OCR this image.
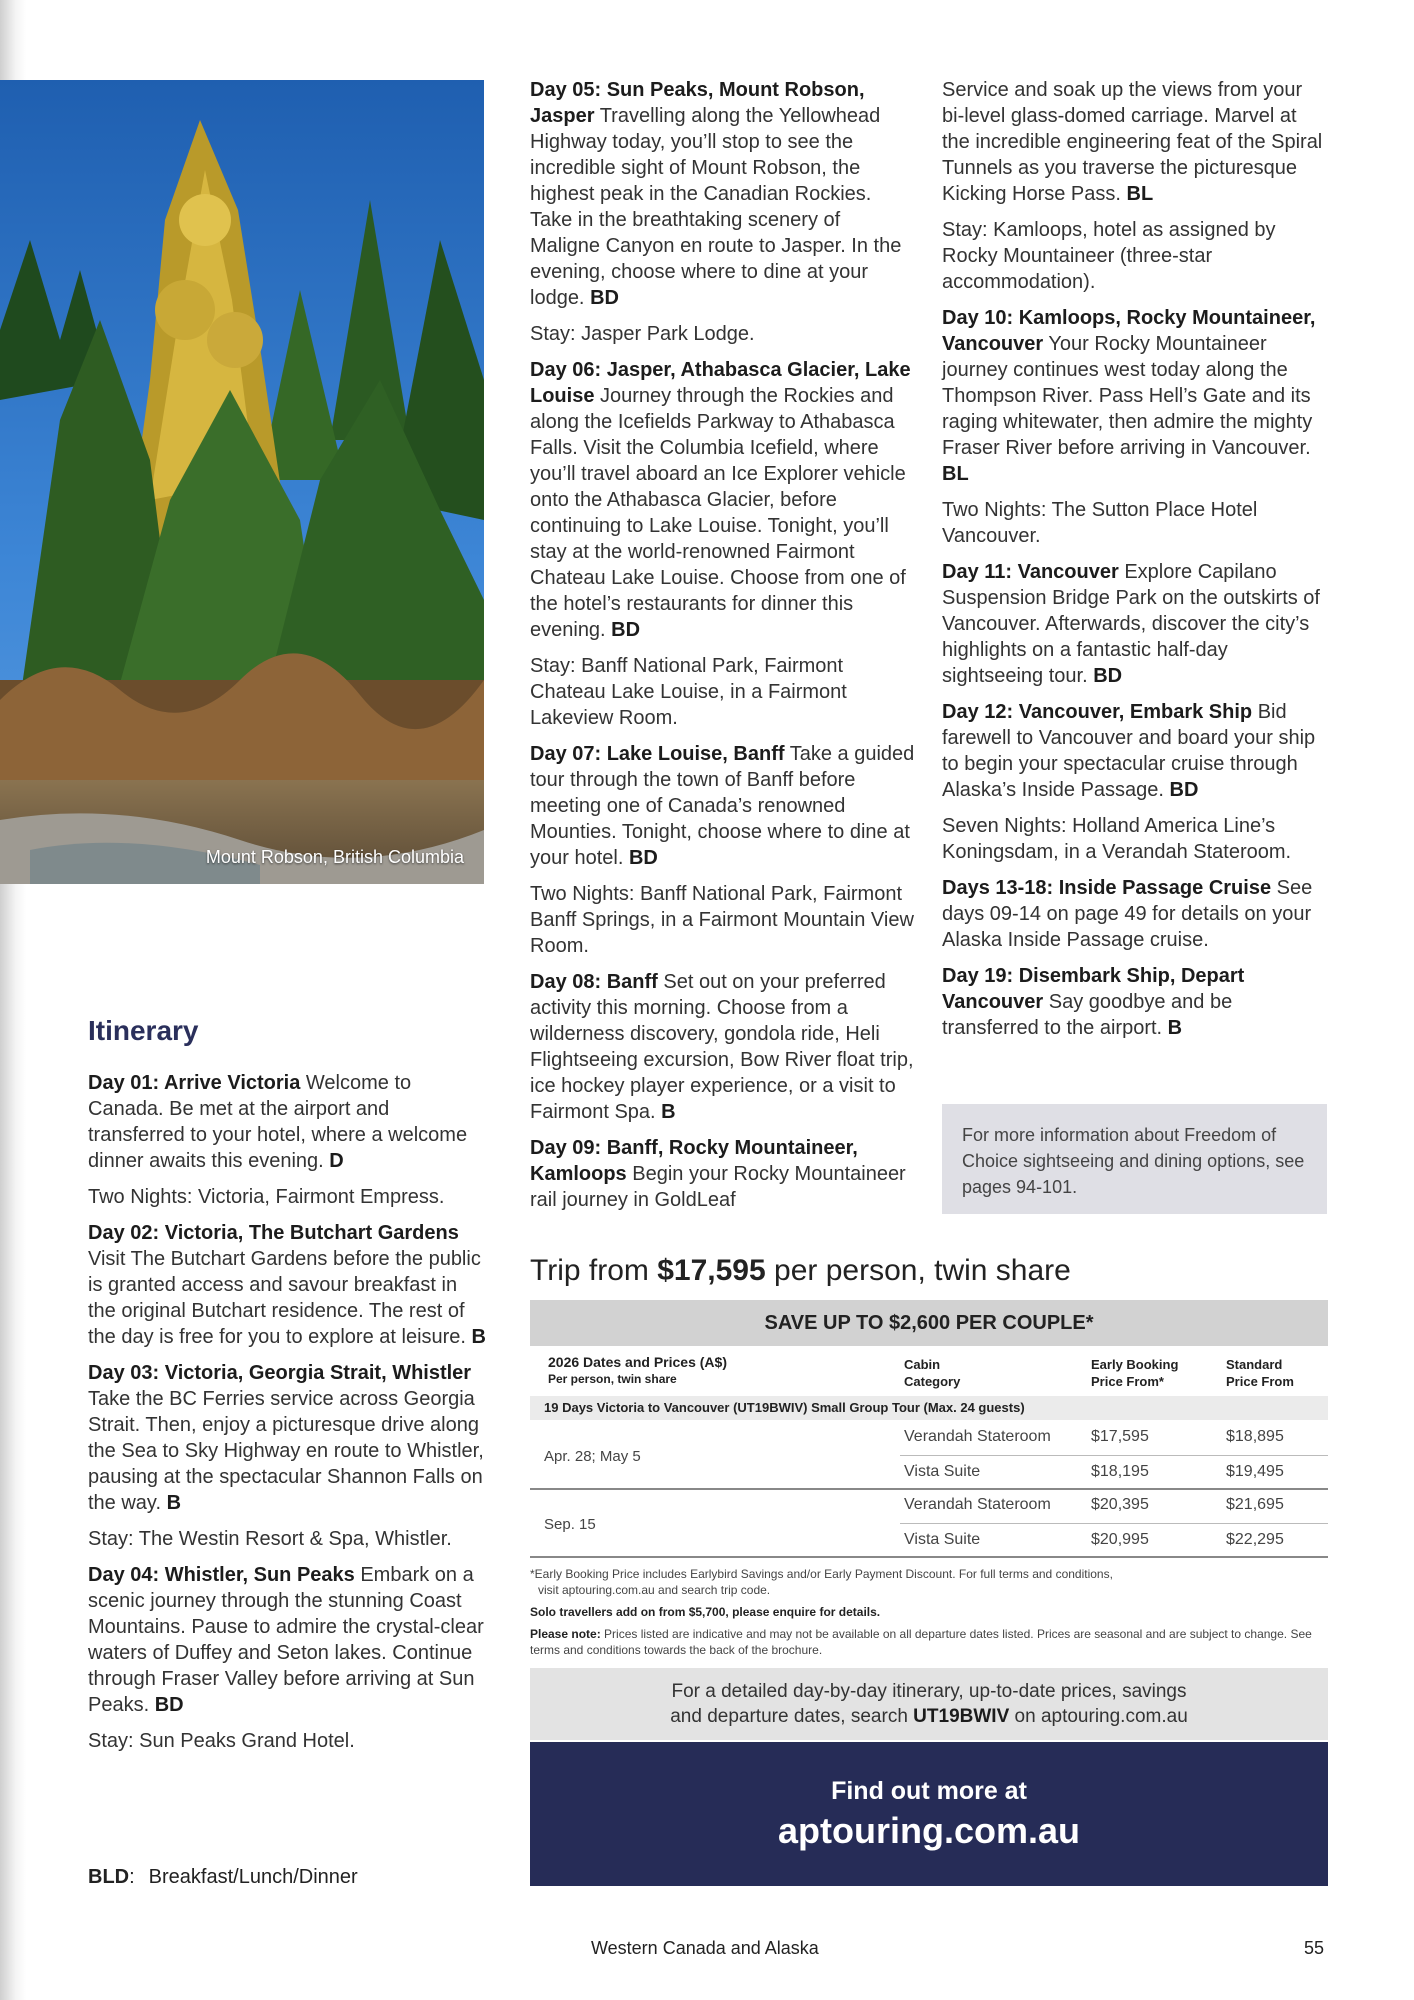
Mount Robson, British Columbia
Itinerary

Day 01: Arrive Victoria Welcome to Canada. Be met at the airport and transferred to your hotel, where a welcome dinner awaits this evening. D

Two Nights: Victoria, Fairmont Empress.

Day 02: Victoria, The Butchart Gardens Visit The Butchart Gardens before the public is granted access and savour breakfast in the original Butchart residence. The rest of the day is free for you to explore at leisure. B

Day 03: Victoria, Georgia Strait, Whistler Take the BC Ferries service across Georgia Strait. Then, enjoy a picturesque drive along the Sea to Sky Highway en route to Whistler, pausing at the spectacular Shannon Falls on the way. B

Stay: The Westin Resort & Spa, Whistler.

Day 04: Whistler, Sun Peaks Embark on a scenic journey through the stunning Coast Mountains. Pause to admire the crystal-clear waters of Duffey and Seton lakes. Continue through Fraser Valley before arriving at Sun Peaks. BD

Stay: Sun Peaks Grand Hotel.

Day 05: Sun Peaks, Mount Robson, Jasper Travelling along the Yellowhead Highway today, you’ll stop to see the incredible sight of Mount Robson, the highest peak in the Canadian Rockies. Take in the breathtaking scenery of Maligne Canyon en route to Jasper. In the evening, choose where to dine at your lodge. BD

Stay: Jasper Park Lodge.

Day 06: Jasper, Athabasca Glacier, Lake Louise Journey through the Rockies and along the Icefields Parkway to Athabasca Falls. Visit the Columbia Icefield, where you’ll travel aboard an Ice Explorer vehicle onto the Athabasca Glacier, before continuing to Lake Louise. Tonight, you’ll stay at the world-renowned Fairmont Chateau Lake Louise. Choose from one of the hotel’s restaurants for dinner this evening. BD

Stay: Banff National Park, Fairmont Chateau Lake Louise, in a Fairmont Lakeview Room.

Day 07: Lake Louise, Banff Take a guided tour through the town of Banff before meeting one of Canada’s renowned Mounties. Tonight, choose where to dine at your hotel. BD

Two Nights: Banff National Park, Fairmont Banff Springs, in a Fairmont Mountain View Room.

Day 08: Banff Set out on your preferred activity this morning. Choose from a wilderness discovery, gondola ride, Heli Flightseeing excursion, Bow River float trip, ice hockey player experience, or a visit to Fairmont Spa. B

Day 09: Banff, Rocky Mountaineer, Kamloops Begin your Rocky Mountaineer rail journey in GoldLeaf

Service and soak up the views from your bi-level glass-domed carriage. Marvel at the incredible engineering feat of the Spiral Tunnels as you traverse the picturesque Kicking Horse Pass. BL

Stay: Kamloops, hotel as assigned by Rocky Mountaineer (three-star accommodation).

Day 10: Kamloops, Rocky Mountaineer, Vancouver Your Rocky Mountaineer journey continues west today along the Thompson River. Pass Hell’s Gate and its raging whitewater, then admire the mighty Fraser River before arriving in Vancouver. BL

Two Nights: The Sutton Place Hotel Vancouver.

Day 11: Vancouver Explore Capilano Suspension Bridge Park on the outskirts of Vancouver. Afterwards, discover the city’s highlights on a fantastic half-day sightseeing tour. BD

Day 12: Vancouver, Embark Ship Bid farewell to Vancouver and board your ship to begin your spectacular cruise through Alaska’s Inside Passage. BD

Seven Nights: Holland America Line’s Koningsdam, in a Verandah Stateroom.

Days 13-18: Inside Passage Cruise See days 09-14 on page 49 for details on your Alaska Inside Passage cruise.

Day 19: Disembark Ship, Depart Vancouver Say goodbye and be transferred to the airport. B

For more information about Freedom of Choice sightseeing and dining options, see pages 94-101.
BLD: Breakfast/Lunch/Dinner
Trip from $17,595 per person, twin share
SAVE UP TO $2,600 PER COUPLE*
2026 Dates and Prices (A$)
Per person, twin share
Cabin
Category
Early Booking
Price From*
Standard
Price From
19 Days Victoria to Vancouver (UT19BWIV) Small Group Tour (Max. 24 guests)
Apr. 28; May 5
Verandah Stateroom	$17,595	$18,895
Vista Suite	$18,195	$19,495
Sep. 15
Verandah Stateroom	$20,395	$21,695
Vista Suite	$20,995	$22,295
*Early Booking Price includes Earlybird Savings and/or Early Payment Discount. For full terms and conditions,
visit aptouring.com.au and search trip code.
Solo travellers add on from $5,700, please enquire for details.
Please note: Prices listed are indicative and may not be available on all departure dates listed. Prices are seasonal and are subject to change. See terms and conditions towards the back of the brochure.
For a detailed day-by-day itinerary, up-to-date prices, savings
and departure dates, search UT19BWIV on aptouring.com.au
Find out more at
aptouring.com.au
Western Canada and Alaska	55
